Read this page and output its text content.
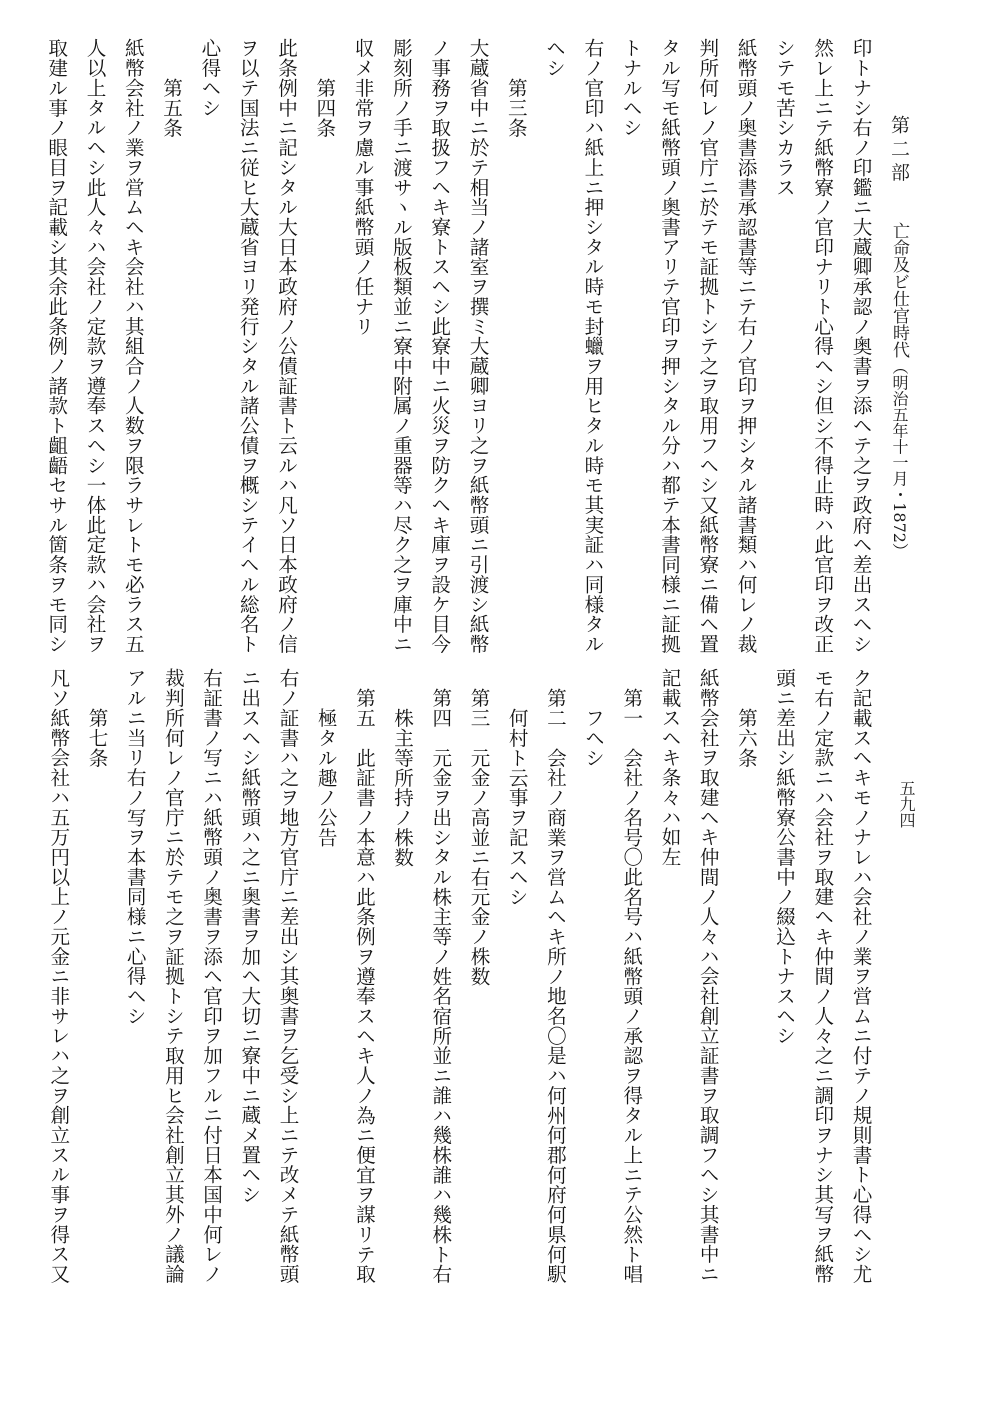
第二部亡命及ビ仕官時代（明治五年十一月・1872）
五九四
印トナシ右ノ印鑑ニ大蔵卿承認ノ奥書ヲ添ヘテ之ヲ政府ヘ差出スヘシ
然レ上ニテ紙幣寮ノ官印ナリト心得ヘシ但シ不得止時ハ此官印ヲ改正
シテモ苦シカラス
紙幣頭ノ奥書添書承認書等ニテ右ノ官印ヲ押シタル諸書類ハ何レノ裁
判所何レノ官庁ニ於テモ証拠トシテ之ヲ取用フヘシ又紙幣寮ニ備ヘ置
タル写モ紙幣頭ノ奥書アリテ官印ヲ押シタル分ハ都テ本書同様ニ証拠
トナルヘシ
右ノ官印ハ紙上ニ押シタル時モ封蠟ヲ用ヒタル時モ其実証ハ同様タル
ヘシ
第三条
大蔵省中ニ於テ相当ノ諸室ヲ撰ミ大蔵卿ヨリ之ヲ紙幣頭ニ引渡シ紙幣
ノ事務ヲ取扱フヘキ寮トスヘシ此寮中ニ火災ヲ防クヘキ庫ヲ設ケ目今
彫刻所ノ手ニ渡サヽル版板類並ニ寮中附属ノ重器等ハ尽ク之ヲ庫中ニ
収メ非常ヲ慮ル事紙幣頭ノ任ナリ
第四条
此条例中ニ記シタル大日本政府ノ公債証書ト云ルハ凡ソ日本政府ノ信
ヲ以テ国法ニ従ヒ大蔵省ヨリ発行シタル諸公債ヲ概シテイヘル総名ト
心得ヘシ
第五条
紙幣会社ノ業ヲ営ムヘキ会社ハ其組合ノ人数ヲ限ラサレトモ必ラス五
人以上タルヘシ此人々ハ会社ノ定款ヲ遵奉スヘシ一体此定款ハ会社ヲ
取建ル事ノ眼目ヲ記載シ其余此条例ノ諸款ト齟齬セサル箇条ヲモ同シ
ク記載スヘキモノナレハ会社ノ業ヲ営ムニ付テノ規則書ト心得ヘシ尤
モ右ノ定款ニハ会社ヲ取建ヘキ仲間ノ人々之ニ調印ヲナシ其写ヲ紙幣
頭ニ差出シ紙幣寮公書中ノ綴込トナスヘシ
第六条
紙幣会社ヲ取建ヘキ仲間ノ人々ハ会社創立証書ヲ取調フヘシ其書中ニ
記載スヘキ条々ハ如左
第一　会社ノ名号〇此名号ハ紙幣頭ノ承認ヲ得タル上ニテ公然ト唱
フヘシ
第二　会社ノ商業ヲ営ムヘキ所ノ地名〇是ハ何州何郡何府何県何駅
何村ト云事ヲ記スヘシ
第三　元金ノ高並ニ右元金ノ株数
第四　元金ヲ出シタル株主等ノ姓名宿所並ニ誰ハ幾株誰ハ幾株ト右
株主等所持ノ株数
第五　此証書ノ本意ハ此条例ヲ遵奉スヘキ人ノ為ニ便宜ヲ謀リテ取
極タル趣ノ公告
右ノ証書ハ之ヲ地方官庁ニ差出シ其奥書ヲ乞受シ上ニテ改メテ紙幣頭
ニ出スヘシ紙幣頭ハ之ニ奥書ヲ加ヘ大切ニ寮中ニ蔵メ置ヘシ
右証書ノ写ニハ紙幣頭ノ奥書ヲ添ヘ官印ヲ加フルニ付日本国中何レノ
裁判所何レノ官庁ニ於テモ之ヲ証拠トシテ取用ヒ会社創立其外ノ議論
アルニ当リ右ノ写ヲ本書同様ニ心得ヘシ
第七条
凡ソ紙幣会社ハ五万円以上ノ元金ニ非サレハ之ヲ創立スル事ヲ得ス又
